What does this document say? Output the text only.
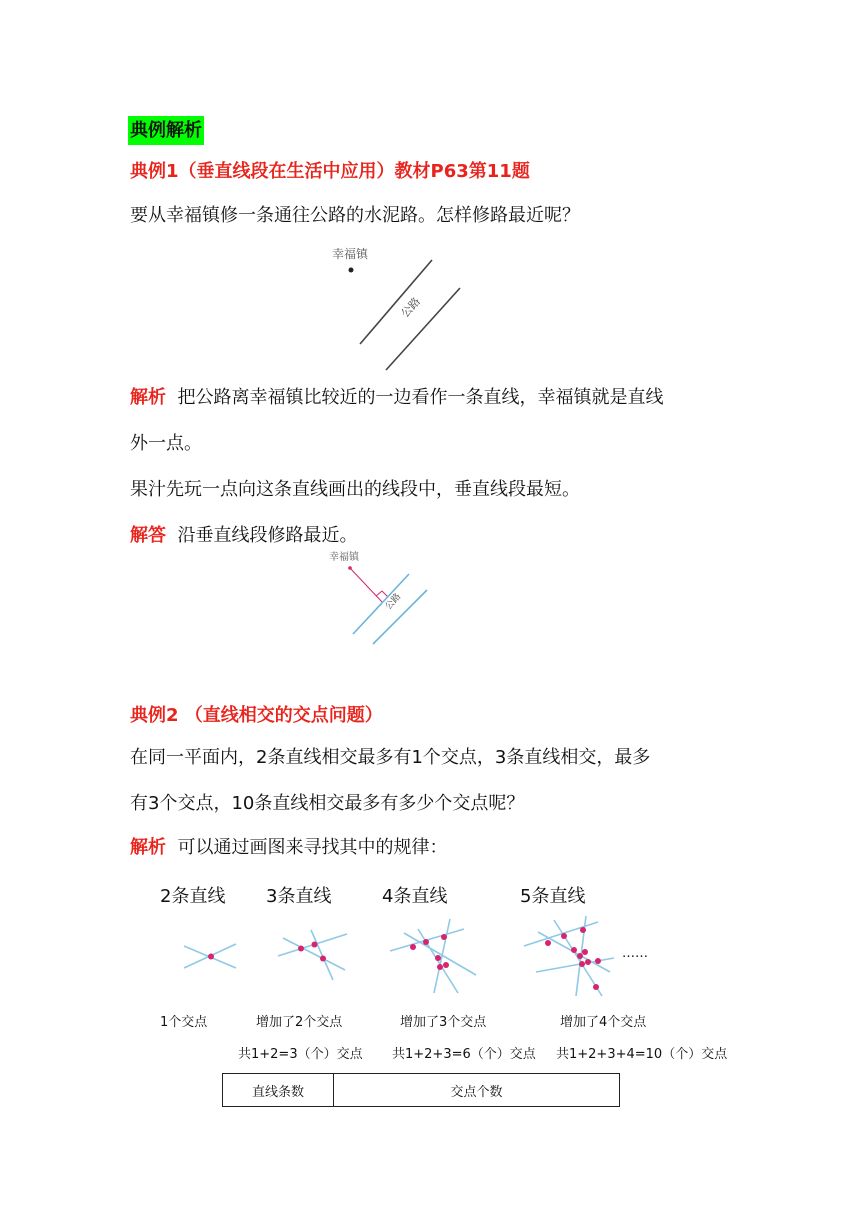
典例解析
典例1（垂直线段在生活中应用）教材P63第11题
要从幸福镇修一条通往公路的水泥路。怎样修路最近呢？
幸福镇
公路
解析 把公路离幸福镇比较近的一边看作一条直线，幸福镇就是直线
外一点。
果汁先玩一点向这条直线画出的线段中，垂直线段最短。
解答 沿垂直线段修路最近。
幸福镇
公路
典例2 （直线相交的交点问题）
在同一平面内，2条直线相交最多有1个交点，3条直线相交，最多
有3个交点，10条直线相交最多有多少个交点呢？
解析 可以通过画图来寻找其中的规律：
2条直线 3条直线	4条直线	5条直线
……
1个交点	增加了2个交点	增加了3个交点	增加了4个交点
共1+2=3（个）交点 共1+2+3=6（个）交点 共1+2+3+4=10（个）交点
直线条数	交点个数
